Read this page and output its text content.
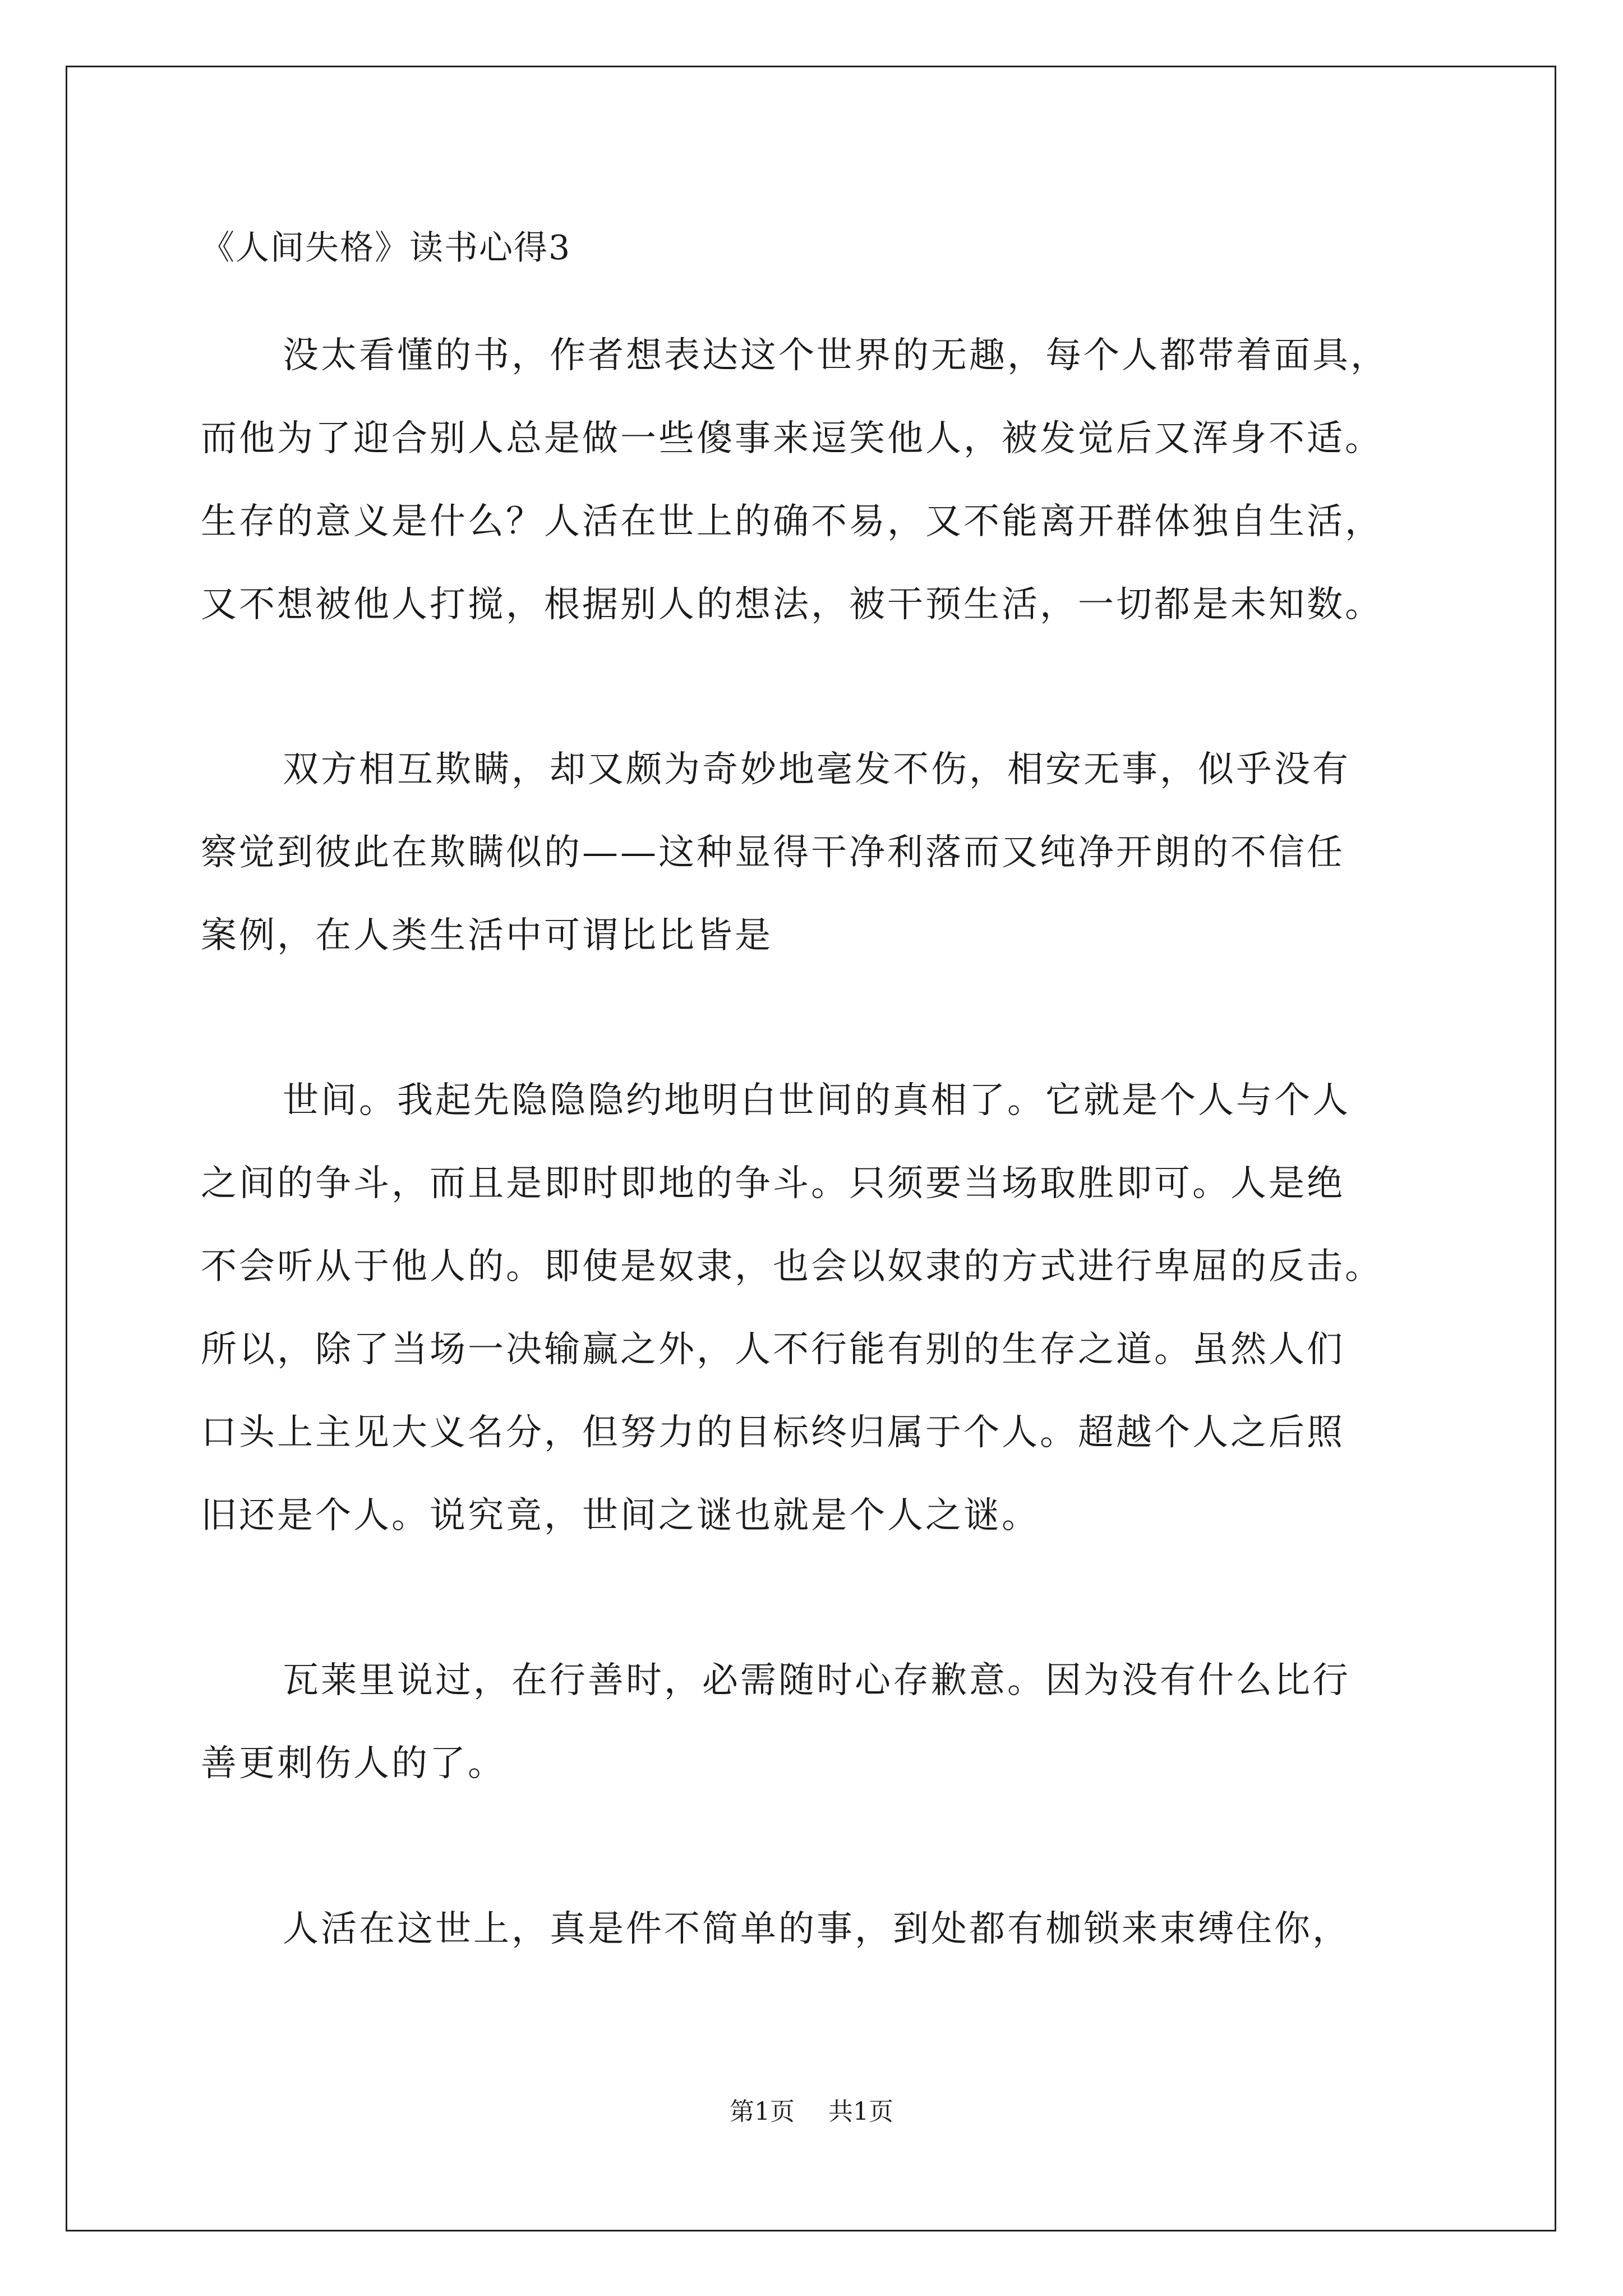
《人间失格》读书心得3
没太看懂的书，作者想表达这个世界的无趣，每个人都带着面具，
而他为了迎合别人总是做一些傻事来逗笑他人，被发觉后又浑身不适。
生存的意义是什么？人活在世上的确不易，又不能离开群体独自生活，
又不想被他人打搅，根据别人的想法，被干预生活，一切都是未知数。
双方相互欺瞒，却又颇为奇妙地毫发不伤，相安无事，似乎没有
察觉到彼此在欺瞒似的——这种显得干净利落而又纯净开朗的不信任
案例，在人类生活中可谓比比皆是
世间。我起先隐隐隐约地明白世间的真相了。它就是个人与个人
之间的争斗，而且是即时即地的争斗。只须要当场取胜即可。人是绝
不会听从于他人的。即使是奴隶，也会以奴隶的方式进行卑屈的反击。
所以，除了当场一决输赢之外，人不行能有别的生存之道。虽然人们
口头上主见大义名分，但努力的目标终归属于个人。超越个人之后照
旧还是个人。说究竟，世间之谜也就是个人之谜。
瓦莱里说过，在行善时，必需随时心存歉意。因为没有什么比行
善更刺伤人的了。
人活在这世上，真是件不简单的事，到处都有枷锁来束缚住你，
第1页 共1页
